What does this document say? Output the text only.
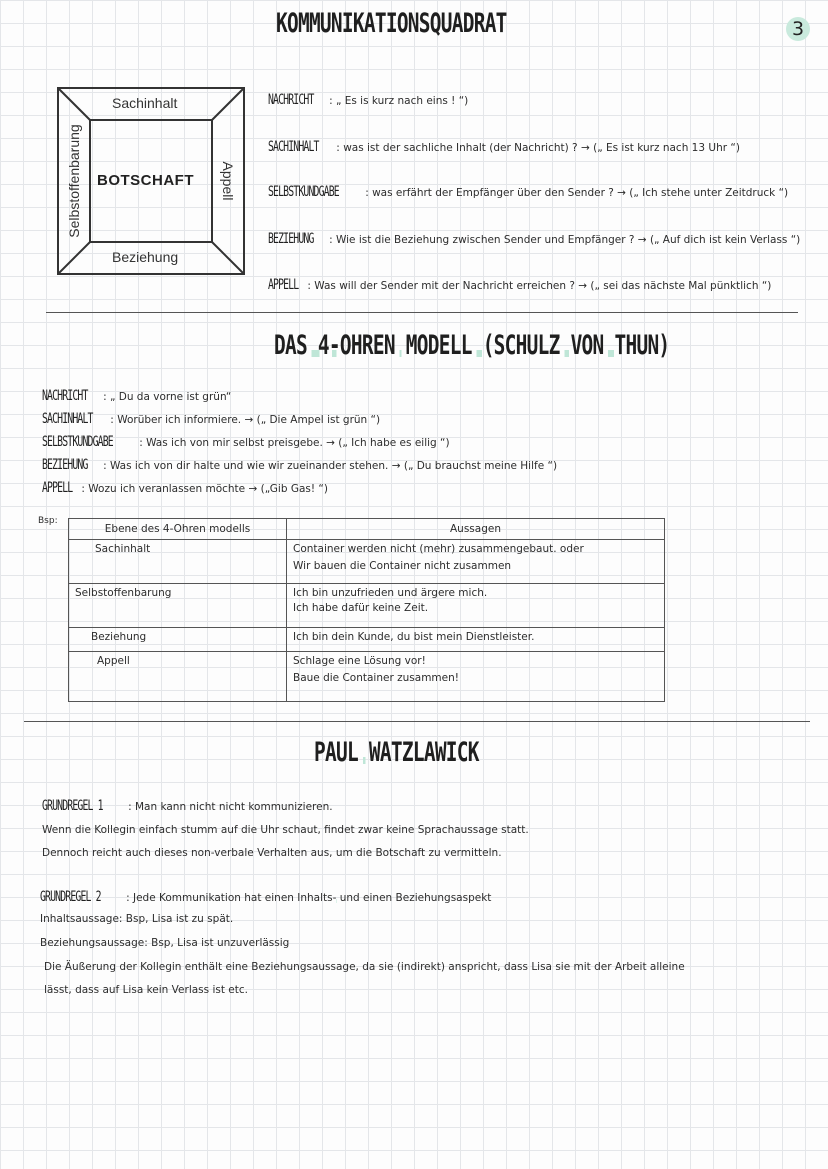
3
KOMMUNIKATIONSQUADRAT
Sachinhalt
Beziehung
Selbstoffenbarung	Appell
BOTSCHAFT
NACHRICHT : „ Es is kurz nach eins ! “)
SACHINHALT : was ist der sachliche Inhalt (der Nachricht) ? → („ Es ist kurz nach 13 Uhr “)
SELBSTKUNDGABE	: was erfährt der Empfänger über den Sender ? → („ Ich stehe unter Zeitdruck “)
BEZIEHUNG : Wie ist die Beziehung zwischen Sender und Empfänger ? → („ Auf dich ist kein Verlass “)
APPELL : Was will der Sender mit der Nachricht erreichen ? → („ sei das nächste Mal pünktlich “)
DAS 4-OHREN MODELL (SCHULZ VON THUN)
NACHRICHT : „ Du da vorne ist grün“
SACHINHALT : Worüber ich informiere. → („ Die Ampel ist grün “)
SELBSTKUNDGABE	: Was ich von mir selbst preisgebe. → („ Ich habe es eilig “)
BEZIEHUNG : Was ich von dir halte und wie wir zueinander stehen. → („ Du brauchst meine Hilfe “)
APPELL : Wozu ich veranlassen möchte → („Gib Gas! “)
Bsp:
Ebene des 4-Ohren modells	Aussagen
Sachinhalt	Container werden nicht (mehr) zusammengebaut. oder
Wir bauen die Container nicht zusammen

Selbstoffenbarung	Ich bin unzufrieden und ärgere mich.
Ich habe dafür keine Zeit.

Beziehung	Ich bin dein Kunde, du bist mein Dienstleister.

Appell	Schlage eine Lösung vor!
Baue die Container zusammen!
PAUL WATZLAWICK
GRUNDREGEL 1 : Man kann nicht nicht kommunizieren.
Wenn die Kollegin einfach stumm auf die Uhr schaut, findet zwar keine Sprachaussage statt.
Dennoch reicht auch dieses non-verbale Verhalten aus, um die Botschaft zu vermitteln.
GRUNDREGEL 2 : Jede Kommunikation hat einen Inhalts- und einen Beziehungsaspekt
Inhaltsaussage: Bsp, Lisa ist zu spät.
Beziehungsaussage: Bsp, Lisa ist unzuverlässig
Die Äußerung der Kollegin enthält eine Beziehungsaussage, da sie (indirekt) anspricht, dass Lisa sie mit der Arbeit alleine
lässt, dass auf Lisa kein Verlass ist etc.
